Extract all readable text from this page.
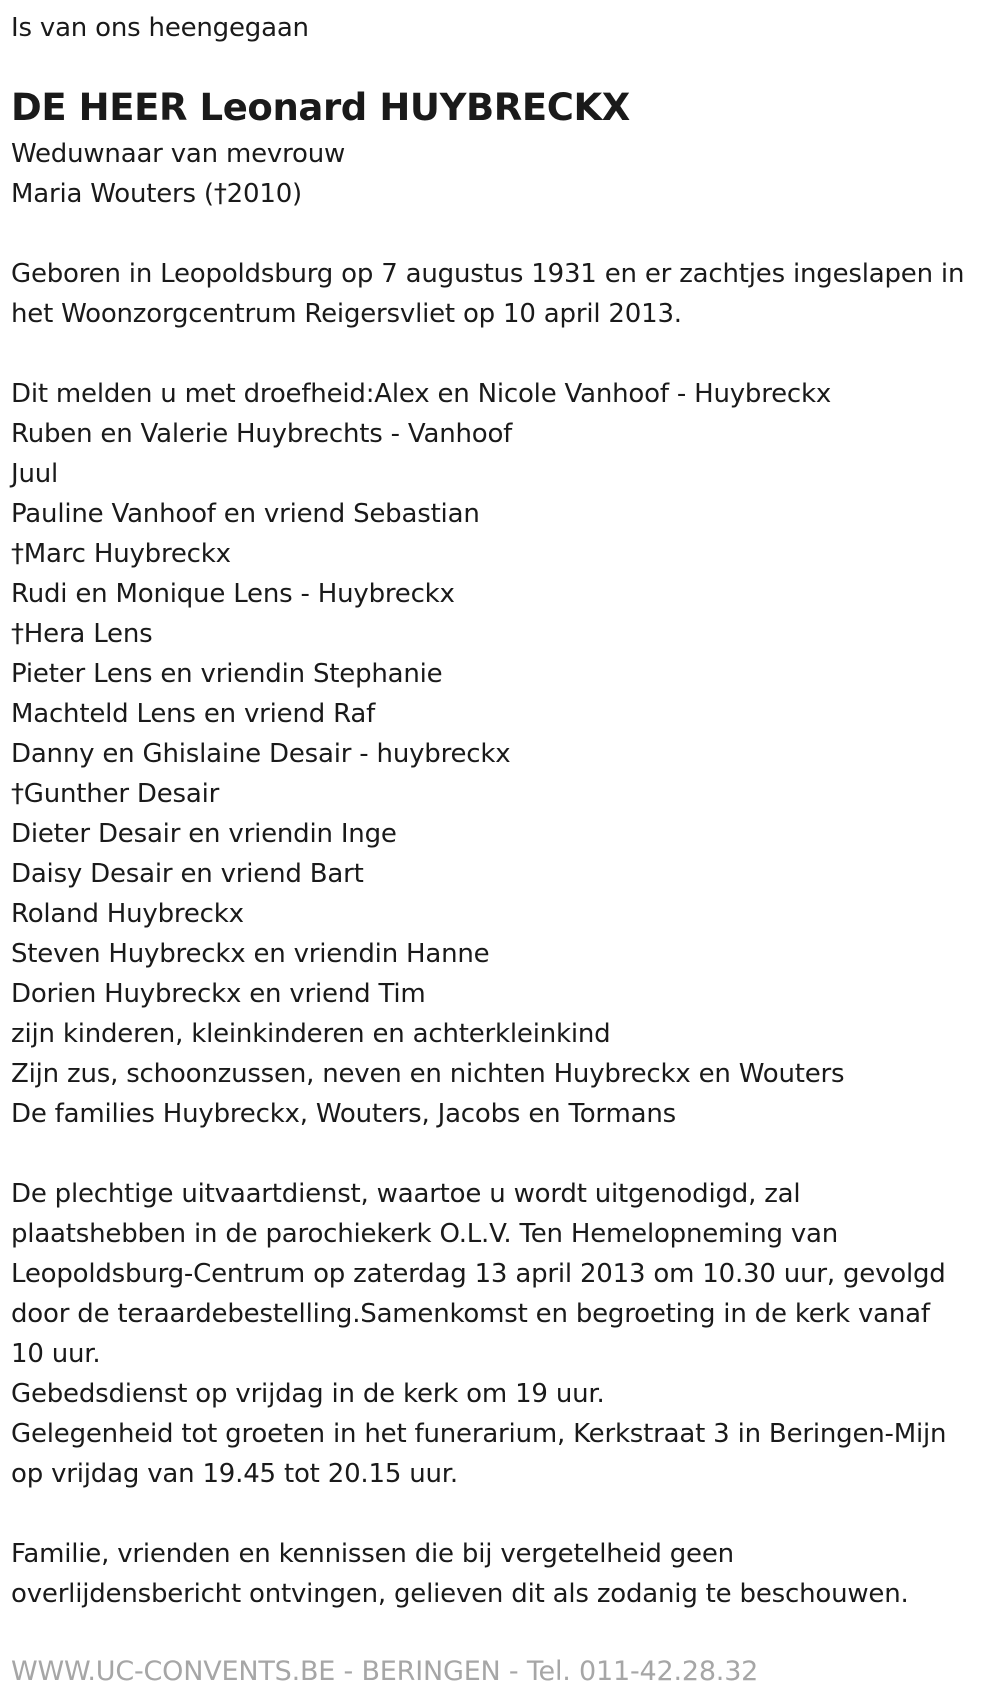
Is van ons heengegaan
DE HEER Leonard HUYBRECKX
Weduwnaar van mevrouw
Maria Wouters (†2010)
Geboren in Leopoldsburg op 7 augustus 1931 en er zachtjes ingeslapen in
het Woonzorgcentrum Reigersvliet op 10 april 2013.
Dit melden u met droefheid:Alex en Nicole Vanhoof - Huybreckx
Ruben en Valerie Huybrechts - Vanhoof
Juul
Pauline Vanhoof en vriend Sebastian
†Marc Huybreckx
Rudi en Monique Lens - Huybreckx
†Hera Lens
Pieter Lens en vriendin Stephanie
Machteld Lens en vriend Raf
Danny en Ghislaine Desair - huybreckx
†Gunther Desair
Dieter Desair en vriendin Inge
Daisy Desair en vriend Bart
Roland Huybreckx
Steven Huybreckx en vriendin Hanne
Dorien Huybreckx en vriend Tim
zijn kinderen, kleinkinderen en achterkleinkind
Zijn zus, schoonzussen, neven en nichten Huybreckx en Wouters
De families Huybreckx, Wouters, Jacobs en Tormans
De plechtige uitvaartdienst, waartoe u wordt uitgenodigd, zal
plaatshebben in de parochiekerk O.L.V. Ten Hemelopneming van
Leopoldsburg-Centrum op zaterdag 13 april 2013 om 10.30 uur, gevolgd
door de teraardebestelling.Samenkomst en begroeting in de kerk vanaf
10 uur.
Gebedsdienst op vrijdag in de kerk om 19 uur.
Gelegenheid tot groeten in het funerarium, Kerkstraat 3 in Beringen-Mijn
op vrijdag van 19.45 tot 20.15 uur.
Familie, vrienden en kennissen die bij vergetelheid geen
overlijdensbericht ontvingen, gelieven dit als zodanig te beschouwen.
WWW.UC-CONVENTS.BE - BERINGEN - Tel. 011-42.28.32
